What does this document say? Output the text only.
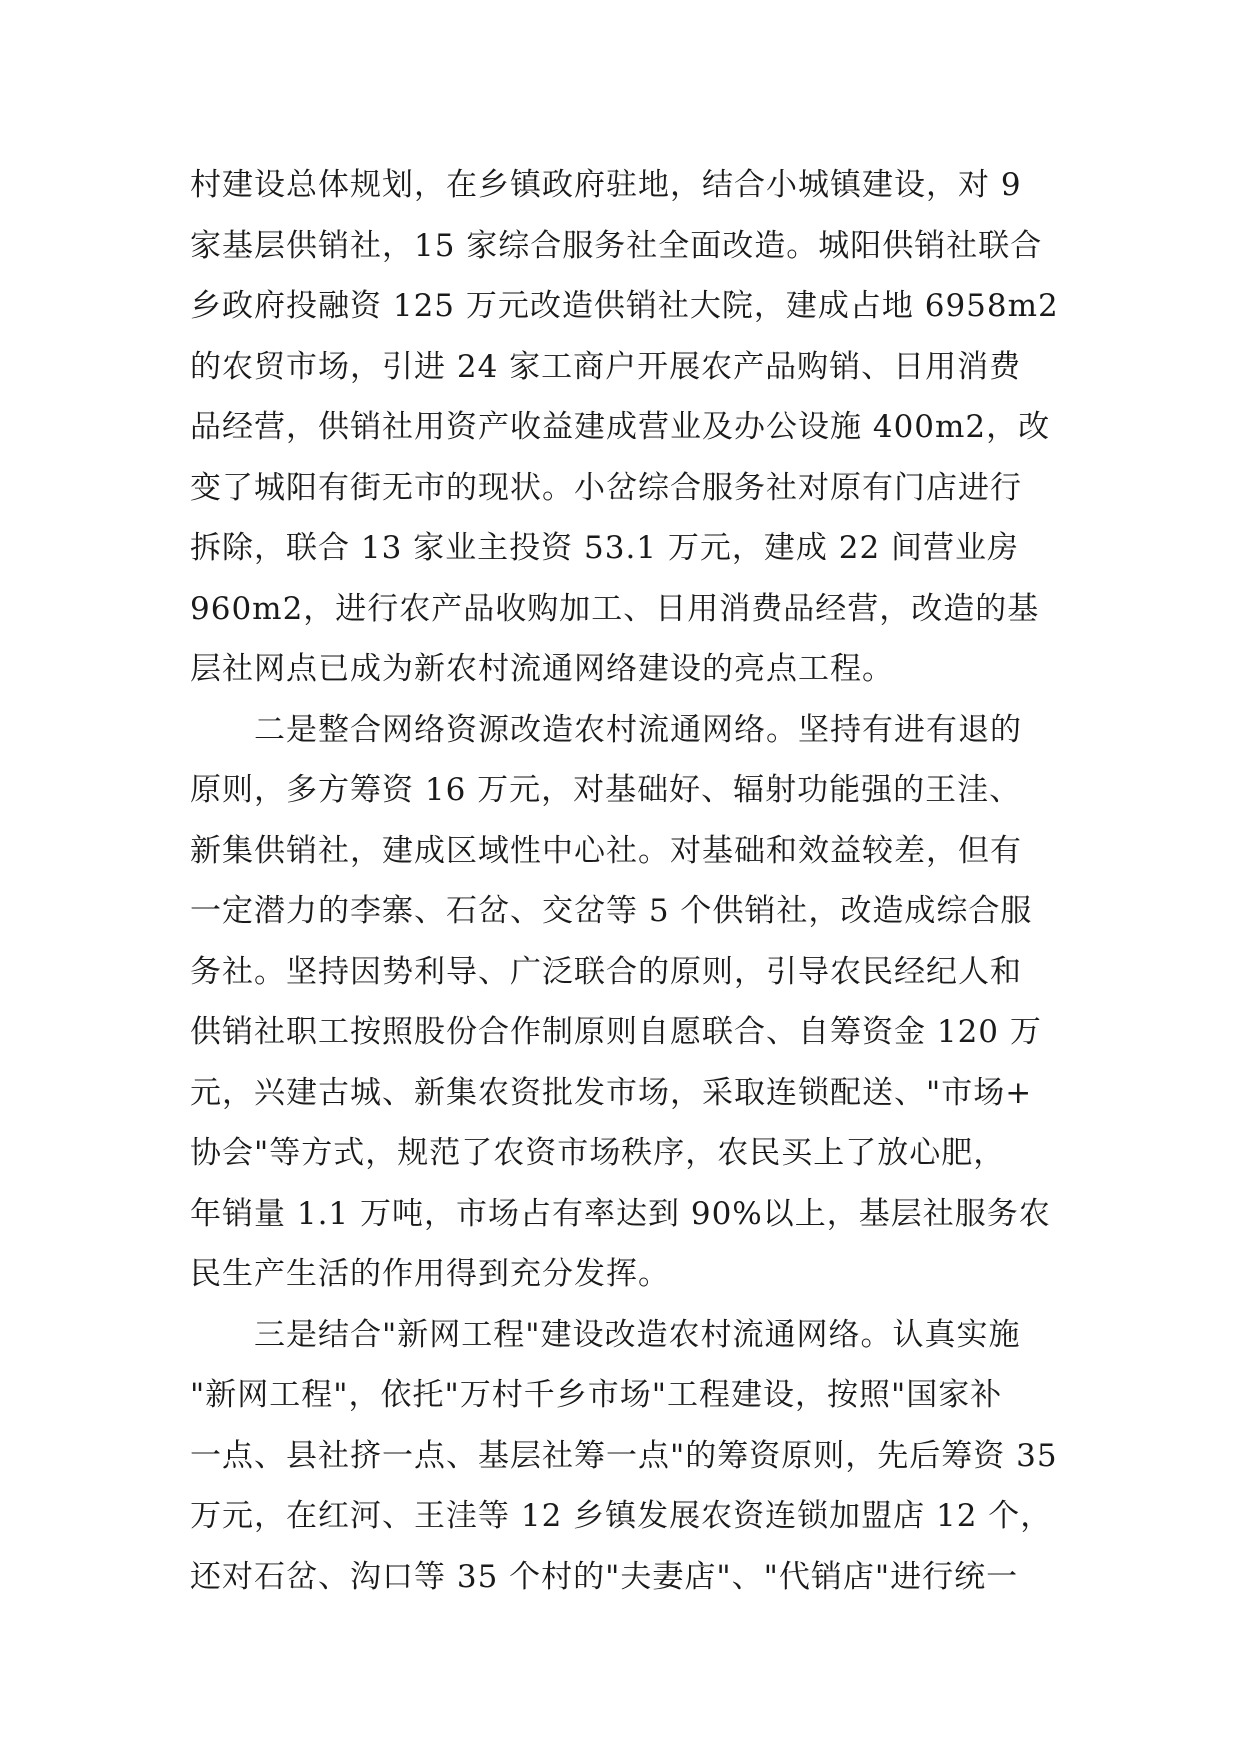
村建设总体规划，在乡镇政府驻地，结合小城镇建设，对 9
家基层供销社，15 家综合服务社全面改造。城阳供销社联合
乡政府投融资 125 万元改造供销社大院，建成占地 6958m2
的农贸市场，引进 24 家工商户开展农产品购销、日用消费
品经营，供销社用资产收益建成营业及办公设施 400m2，改
变了城阳有街无市的现状。小岔综合服务社对原有门店进行
拆除，联合 13 家业主投资 53.1 万元，建成 22 间营业房
960m2，进行农产品收购加工、日用消费品经营，改造的基
层社网点已成为新农村流通网络建设的亮点工程。
二是整合网络资源改造农村流通网络。坚持有进有退的
原则，多方筹资 16 万元，对基础好、辐射功能强的王洼、
新集供销社，建成区域性中心社。对基础和效益较差，但有
一定潜力的李寨、石岔、交岔等 5 个供销社，改造成综合服
务社。坚持因势利导、广泛联合的原则，引导农民经纪人和
供销社职工按照股份合作制原则自愿联合、自筹资金 120 万
元，兴建古城、新集农资批发市场，采取连锁配送、"市场+
协会"等方式，规范了农资市场秩序，农民买上了放心肥，
年销量 1.1 万吨，市场占有率达到 90%以上，基层社服务农
民生产生活的作用得到充分发挥。
三是结合"新网工程"建设改造农村流通网络。认真实施
"新网工程"，依托"万村千乡市场"工程建设，按照"国家补
一点、县社挤一点、基层社筹一点"的筹资原则，先后筹资 35
万元，在红河、王洼等 12 乡镇发展农资连锁加盟店 12 个，
还对石岔、沟口等 35 个村的"夫妻店"、"代销店"进行统一
